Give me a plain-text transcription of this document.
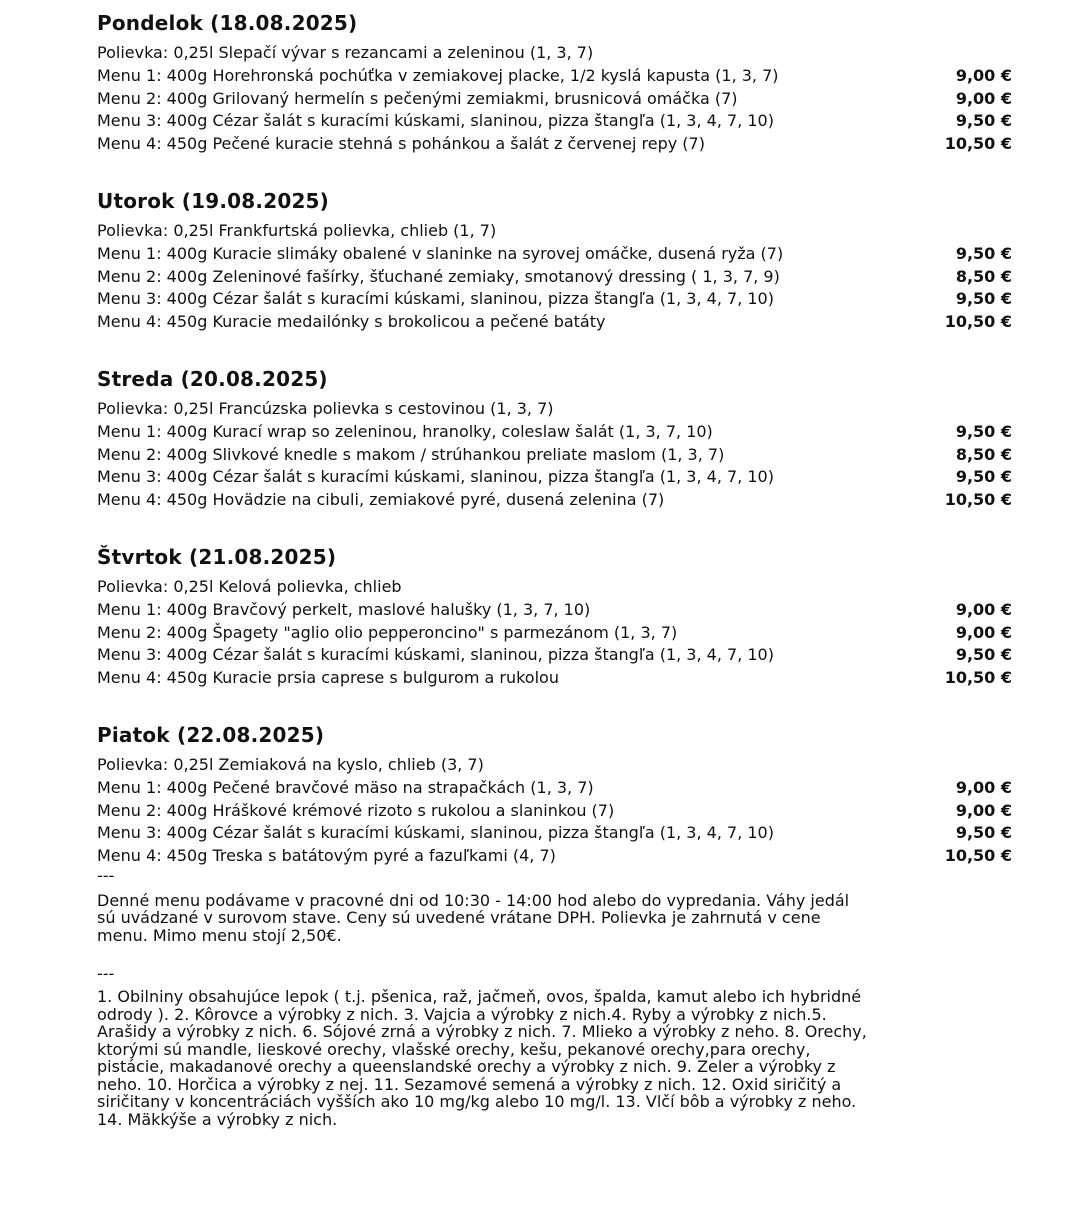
Pondelok (18.08.2025)
Polievka: 0,25l Slepačí vývar s rezancami a zeleninou (1, 3, 7)
Menu 1: 400g Horehronská pochúťka v zemiakovej placke, 1/2 kyslá kapusta (1, 3, 7)	9,00 €
Menu 2: 400g Grilovaný hermelín s pečenými zemiakmi, brusnicová omáčka (7)	9,00 €
Menu 3: 400g Cézar šalát s kuracími kúskami, slaninou, pizza štangľa (1, 3, 4, 7, 10)	9,50 €
Menu 4: 450g Pečené kuracie stehná s pohánkou a šalát z červenej repy (7)	10,50 €
Utorok (19.08.2025)
Polievka: 0,25l Frankfurtská polievka, chlieb (1, 7)
Menu 1: 400g Kuracie slimáky obalené v slaninke na syrovej omáčke, dusená ryža (7)	9,50 €
Menu 2: 400g Zeleninové fašírky, šťuchané zemiaky, smotanový dressing ( 1, 3, 7, 9)	8,50 €
Menu 3: 400g Cézar šalát s kuracími kúskami, slaninou, pizza štangľa (1, 3, 4, 7, 10)	9,50 €
Menu 4: 450g Kuracie medailónky s brokolicou a pečené batáty	10,50 €
Streda (20.08.2025)
Polievka: 0,25l Francúzska polievka s cestovinou (1, 3, 7)
Menu 1: 400g Kurací wrap so zeleninou, hranolky, coleslaw šalát (1, 3, 7, 10)	9,50 €
Menu 2: 400g Slivkové knedle s makom / strúhankou preliate maslom (1, 3, 7)	8,50 €
Menu 3: 400g Cézar šalát s kuracími kúskami, slaninou, pizza štangľa (1, 3, 4, 7, 10)	9,50 €
Menu 4: 450g Hovädzie na cibuli, zemiakové pyré, dusená zelenina (7)	10,50 €
Štvrtok (21.08.2025)
Polievka: 0,25l Kelová polievka, chlieb
Menu 1: 400g Bravčový perkelt, maslové halušky (1, 3, 7, 10)	9,00 €
Menu 2: 400g Špagety "aglio olio pepperoncino" s parmezánom (1, 3, 7)	9,00 €
Menu 3: 400g Cézar šalát s kuracími kúskami, slaninou, pizza štangľa (1, 3, 4, 7, 10)	9,50 €
Menu 4: 450g Kuracie prsia caprese s bulgurom a rukolou	10,50 €
Piatok (22.08.2025)
Polievka: 0,25l Zemiaková na kyslo, chlieb (3, 7)
Menu 1: 400g Pečené bravčové mäso na strapačkách (1, 3, 7)	9,00 €
Menu 2: 400g Hráškové krémové rizoto s rukolou a slaninkou (7)	9,00 €
Menu 3: 400g Cézar šalát s kuracími kúskami, slaninou, pizza štangľa (1, 3, 4, 7, 10)	9,50 €
Menu 4: 450g Treska s batátovým pyré a fazuľkami (4, 7)	10,50 €
---
Denné menu podávame v pracovné dni od 10:30 - 14:00 hod alebo do vypredania. Váhy jedál
sú uvádzané v surovom stave. Ceny sú uvedené vrátane DPH. Polievka je zahrnutá v cene
menu. Mimo menu stojí 2,50€.
---
1. Obilniny obsahujúce lepok ( t.j. pšenica, raž, jačmeň, ovos, špalda, kamut alebo ich hybridné
odrody ). 2. Kôrovce a výrobky z nich. 3. Vajcia a výrobky z nich.4. Ryby a výrobky z nich.5.
Arašidy a výrobky z nich. 6. Sójové zrná a výrobky z nich. 7. Mlieko a výrobky z neho. 8. Orechy,
ktorými sú mandle, lieskové orechy, vlašské orechy, kešu, pekanové orechy,para orechy,
pistácie, makadanové orechy a queenslandské orechy a výrobky z nich. 9. Zeler a výrobky z
neho. 10. Horčica a výrobky z nej. 11. Sezamové semená a výrobky z nich. 12. Oxid siričitý a
siričitany v koncentráciách vyšších ako 10 mg/kg alebo 10 mg/l. 13. Vlčí bôb a výrobky z neho.
14. Mäkkýše a výrobky z nich.
